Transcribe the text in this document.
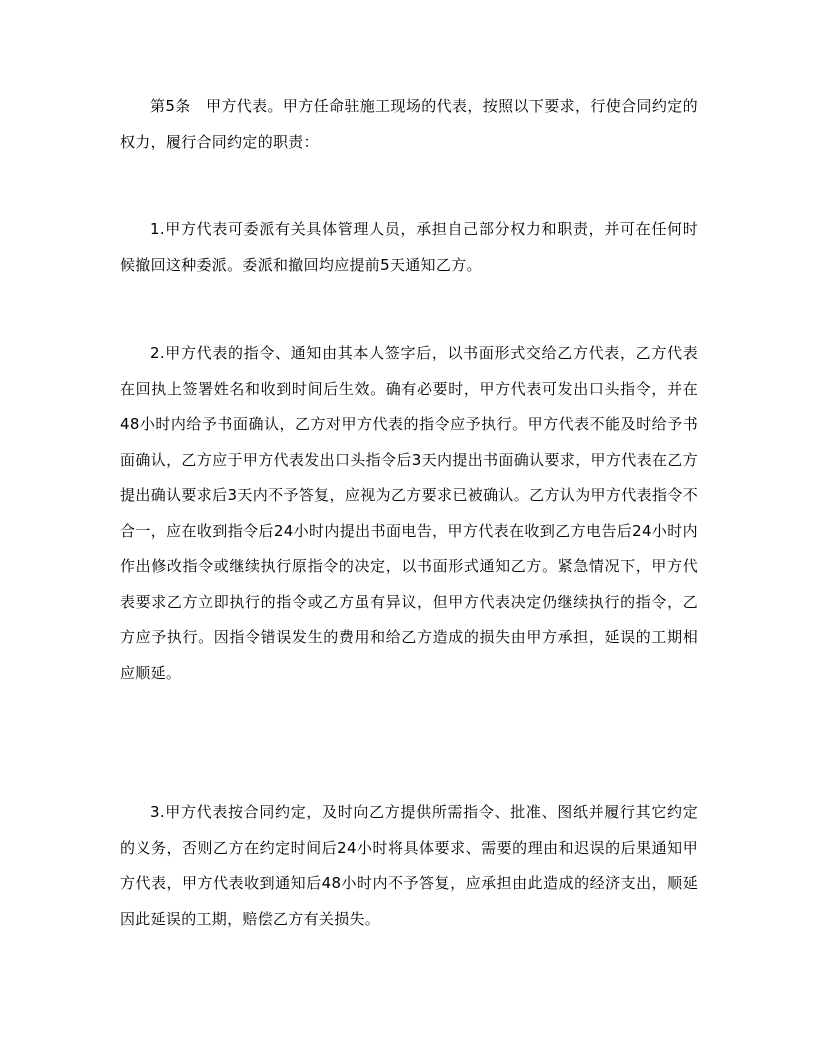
第5条　甲方代表。甲方任命驻施工现场的代表，按照以下要求，行使合同约定的权力，履行合同约定的职责：

1.甲方代表可委派有关具体管理人员，承担自己部分权力和职责，并可在任何时候撤回这种委派。委派和撤回均应提前5天通知乙方。

2.甲方代表的指令、通知由其本人签字后，以书面形式交给乙方代表，乙方代表在回执上签署姓名和收到时间后生效。确有必要时，甲方代表可发出口头指令，并在48小时内给予书面确认，乙方对甲方代表的指令应予执行。甲方代表不能及时给予书面确认，乙方应于甲方代表发出口头指令后3天内提出书面确认要求，甲方代表在乙方提出确认要求后3天内不予答复，应视为乙方要求已被确认。乙方认为甲方代表指令不合一，应在收到指令后24小时内提出书面电告，甲方代表在收到乙方电告后24小时内作出修改指令或继续执行原指令的决定，以书面形式通知乙方。紧急情况下，甲方代表要求乙方立即执行的指令或乙方虽有异议，但甲方代表决定仍继续执行的指令，乙方应予执行。因指令错误发生的费用和给乙方造成的损失由甲方承担，延误的工期相应顺延。

3.甲方代表按合同约定，及时向乙方提供所需指令、批准、图纸并履行其它约定的义务，否则乙方在约定时间后24小时将具体要求、需要的理由和迟误的后果通知甲方代表，甲方代表收到通知后48小时内不予答复，应承担由此造成的经济支出，顺延因此延误的工期，赔偿乙方有关损失。
